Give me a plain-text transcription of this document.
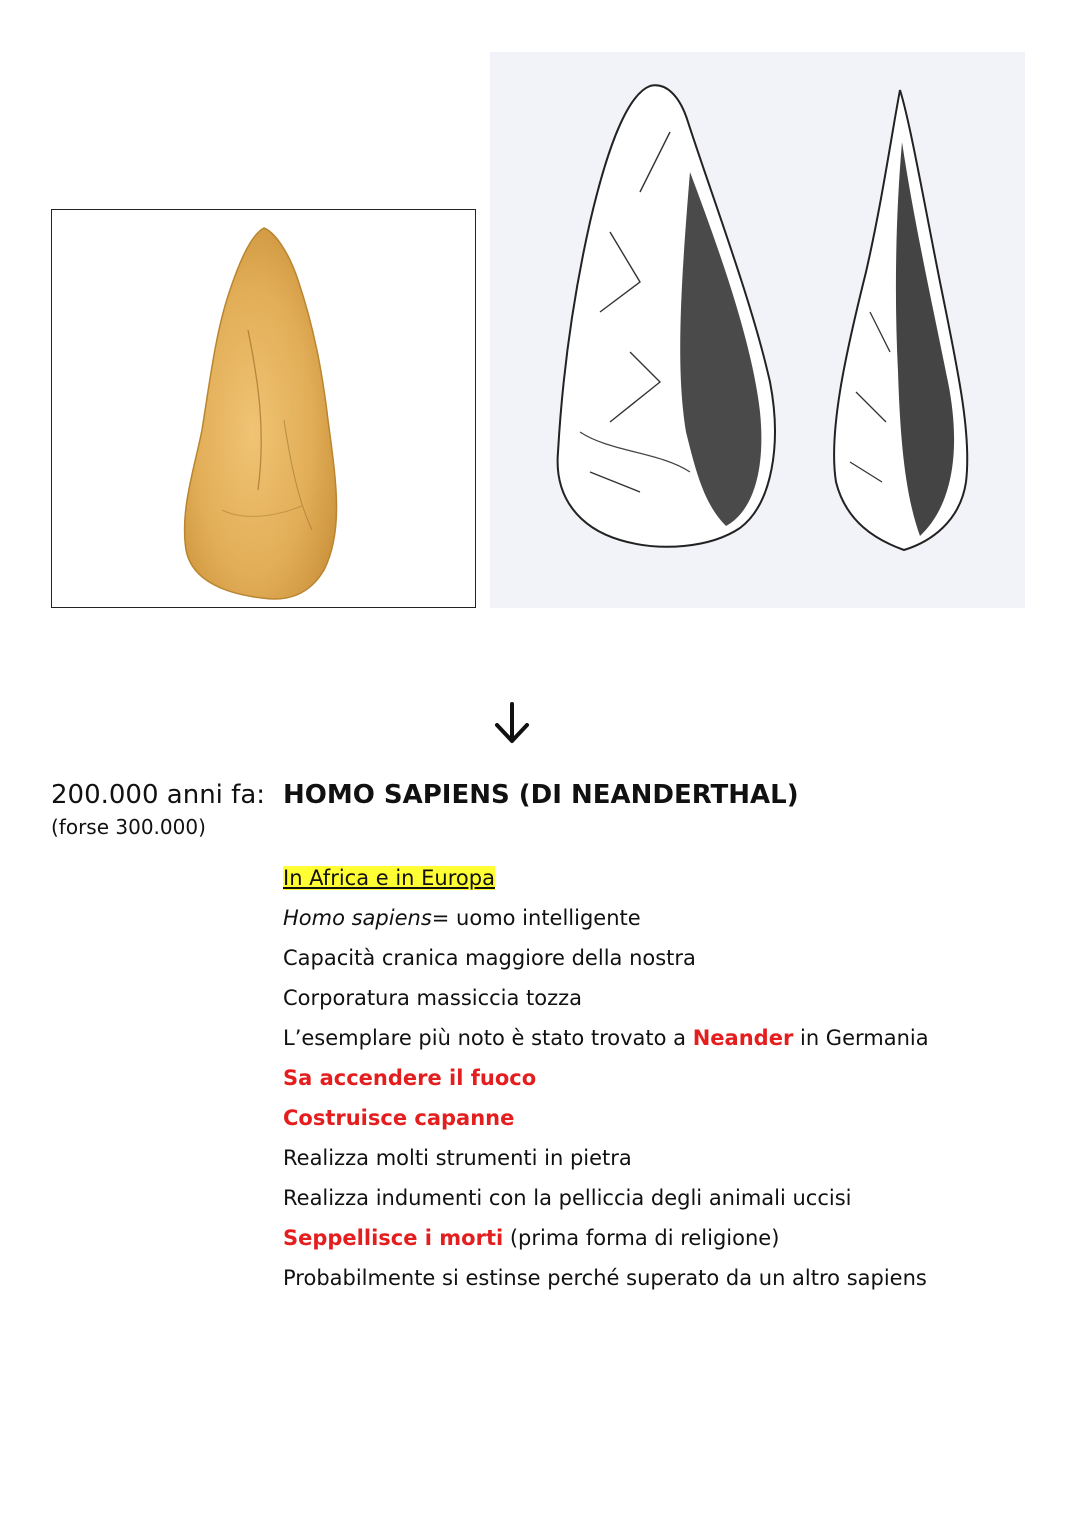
200.000 anni fa:
(forse 300.000)
HOMO SAPIENS (DI NEANDERTHAL)
In Africa e in Europa
Homo sapiens= uomo intelligente
Capacità cranica maggiore della nostra
Corporatura massiccia tozza
L’esemplare più noto è stato trovato a Neander in Germania
Sa accendere il fuoco
Costruisce capanne
Realizza molti strumenti in pietra
Realizza indumenti con la pelliccia degli animali uccisi
Seppellisce i morti (prima forma di religione)
Probabilmente si estinse perché superato da un altro sapiens
